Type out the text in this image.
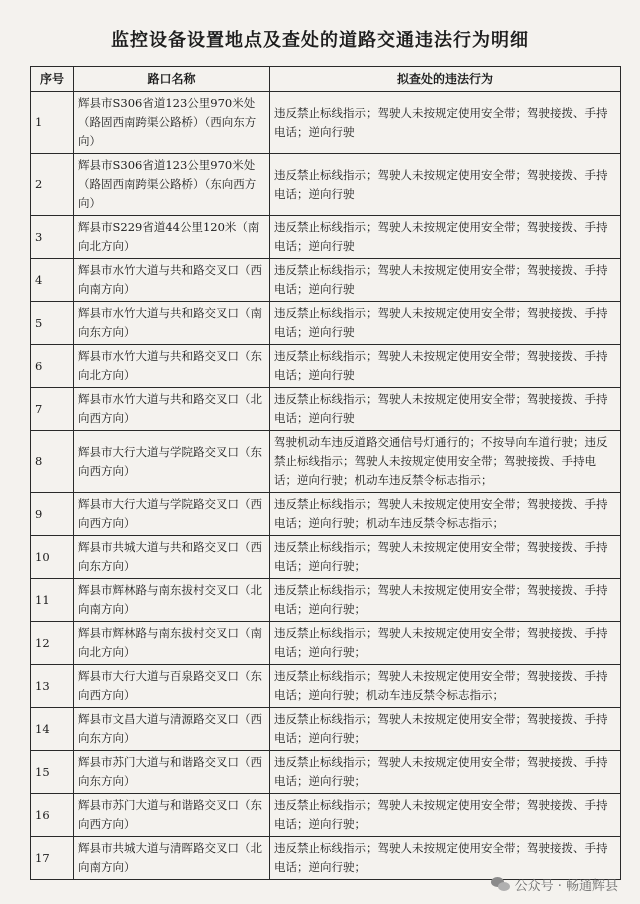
监控设备设置地点及查处的道路交通违法行为明细
序号	路口名称	拟查处的违法行为
1	辉县市S306省道123公里970米处（路固西南跨渠公路桥）（西向东方向）	违反禁止标线指示；驾驶人未按规定使用安全带；驾驶接拨、手持电话；逆向行驶
2	辉县市S306省道123公里970米处（路固西南跨渠公路桥）（东向西方向）	违反禁止标线指示；驾驶人未按规定使用安全带；驾驶接拨、手持电话；逆向行驶
3	辉县市S229省道44公里120米（南向北方向）	违反禁止标线指示；驾驶人未按规定使用安全带；驾驶接拨、手持电话；逆向行驶
4	辉县市水竹大道与共和路交叉口（西向南方向）	违反禁止标线指示；驾驶人未按规定使用安全带；驾驶接拨、手持电话；逆向行驶
5	辉县市水竹大道与共和路交叉口（南向东方向）	违反禁止标线指示；驾驶人未按规定使用安全带；驾驶接拨、手持电话；逆向行驶
6	辉县市水竹大道与共和路交叉口（东向北方向）	违反禁止标线指示；驾驶人未按规定使用安全带；驾驶接拨、手持电话；逆向行驶
7	辉县市水竹大道与共和路交叉口（北向西方向）	违反禁止标线指示；驾驶人未按规定使用安全带；驾驶接拨、手持电话；逆向行驶
8	辉县市大行大道与学院路交叉口（东向西方向）	驾驶机动车违反道路交通信号灯通行的；不按导向车道行驶；违反禁止标线指示；驾驶人未按规定使用安全带；驾驶接拨、手持电话；逆向行驶；机动车违反禁令标志指示；
9	辉县市大行大道与学院路交叉口（西向西方向）	违反禁止标线指示；驾驶人未按规定使用安全带；驾驶接拨、手持电话；逆向行驶；机动车违反禁令标志指示；
10	辉县市共城大道与共和路交叉口（西向东方向）	违反禁止标线指示；驾驶人未按规定使用安全带；驾驶接拨、手持电话；逆向行驶；
11	辉县市辉林路与南东拔村交叉口（北向南方向）	违反禁止标线指示；驾驶人未按规定使用安全带；驾驶接拨、手持电话；逆向行驶；
12	辉县市辉林路与南东拔村交叉口（南向北方向）	违反禁止标线指示；驾驶人未按规定使用安全带；驾驶接拨、手持电话；逆向行驶；
13	辉县市大行大道与百泉路交叉口（东向西方向）	违反禁止标线指示；驾驶人未按规定使用安全带；驾驶接拨、手持电话；逆向行驶；机动车违反禁令标志指示；
14	辉县市文昌大道与清源路交叉口（西向东方向）	违反禁止标线指示；驾驶人未按规定使用安全带；驾驶接拨、手持电话；逆向行驶；
15	辉县市苏门大道与和谐路交叉口（西向东方向）	违反禁止标线指示；驾驶人未按规定使用安全带；驾驶接拨、手持电话；逆向行驶；
16	辉县市苏门大道与和谐路交叉口（东向西方向）	违反禁止标线指示；驾驶人未按规定使用安全带；驾驶接拨、手持电话；逆向行驶；
17	辉县市共城大道与清晖路交叉口（北向南方向）	违反禁止标线指示；驾驶人未按规定使用安全带；驾驶接拨、手持电话；逆向行驶；
公众号 · 畅通辉县
